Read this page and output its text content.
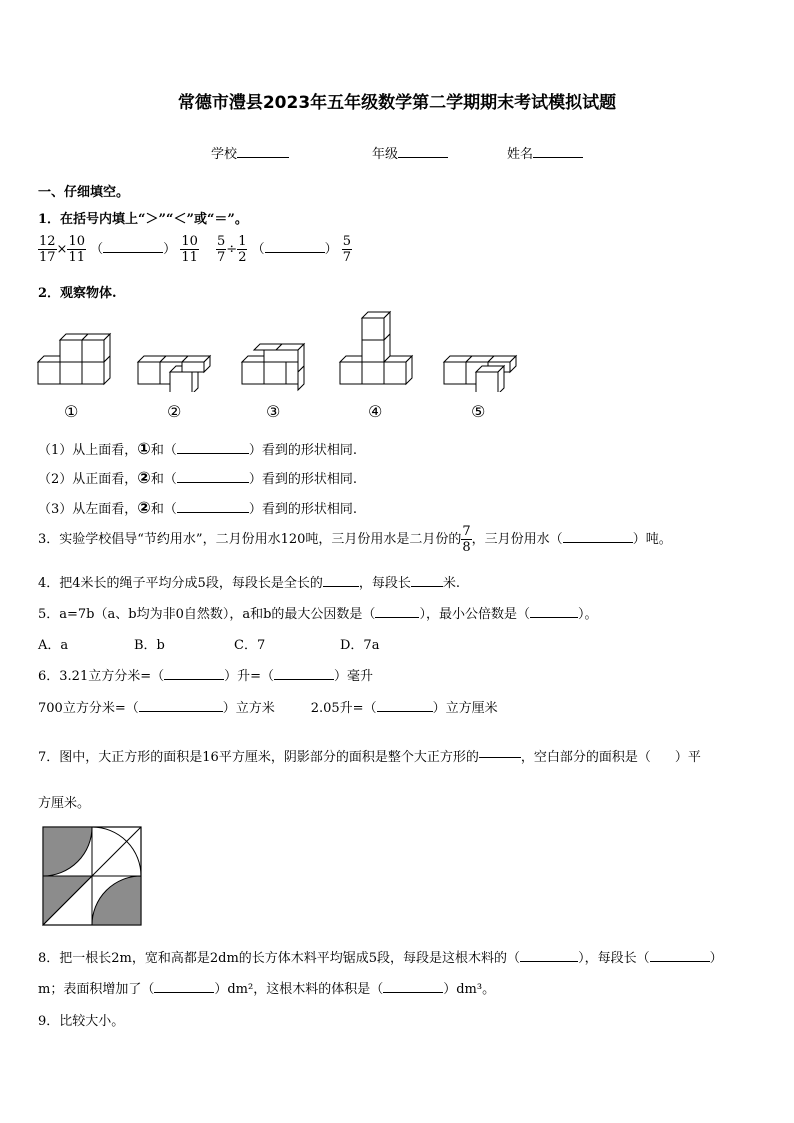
常德市澧县2023年五年级数学第二学期期末考试模拟试题
学校	年级	姓名
一、仔细填空。
1．在括号内填上“＞”“＜”或“＝”。
$\frac{12}{17} \times \frac{10}{11}$ （	） $\frac{10}{11} \frac{5}{7} \div \frac{1}{2}$ （	） $\frac{5}{7}$
2．观察物体.
①	②	③	④	⑤
（1）从上面看，①和（	）看到的形状相同.
（2）从正面看，②和（	）看到的形状相同.
（3）从左面看，②和（	）看到的形状相同.
3．实验学校倡导“节约用水”，二月份用水120吨，三月份用水是二月份的 $\frac{7}{8}$ ，三月份用水（	）吨。
4．把4米长的绳子平均分成5段，每段长是全长的	，每段长 米.
5．a=7b（a、b均为非0自然数），a和b的最大公因数是（	），最小公倍数是（	）。
A．a	B．b	C．7	D．7a
6．3.21立方分米=（	）升=（	）毫升
700立方分米=（	）立方米	2.05升=（	）立方厘米
7．图中，大正方形的面积是16平方厘米，阴影部分的面积是整个大正方形的	，空白部分的面积是（ ）平
方厘米。
8．把一根长2m，宽和高都是2dm的长方体木料平均锯成5段，每段是这根木料的（	），每段长（	）
m；表面积增加了（	）dm²，这根木料的体积是（	）dm³。
9．比较大小。
